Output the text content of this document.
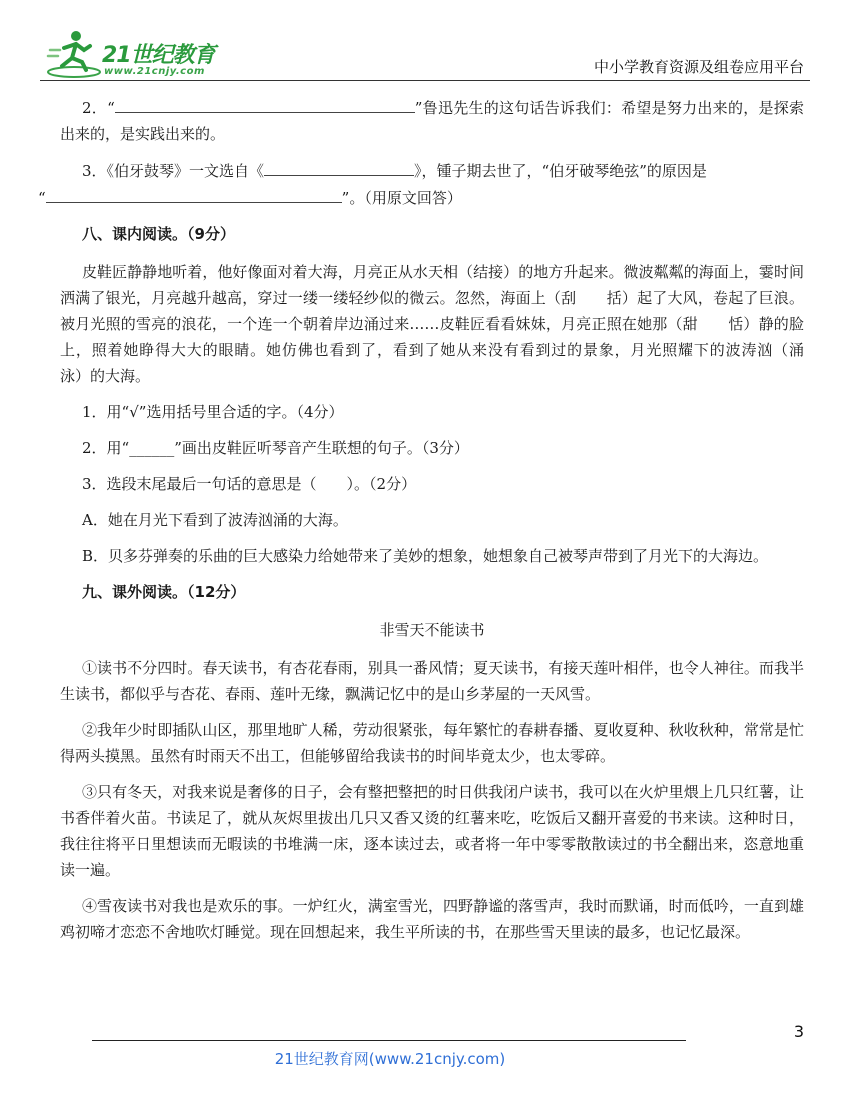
21世纪教育
www.21cnjy.com	中小学教育资源及组卷应用平台

2．“	”鲁迅先生的这句话告诉我们：希望是努力出来的，是探索出来的，是实践出来的。

3．《伯牙鼓琴》一文选自《	》，锺子期去世了，“伯牙破琴绝弦”的原因是
“	”。（用原文回答）

八、课内阅读。（9分）

皮鞋匠静静地听着，他好像面对着大海，月亮正从水天相（结接）的地方升起来。微波粼粼的海面上，霎时间洒满了银光，月亮越升越高，穿过一缕一缕轻纱似的微云。忽然，海面上（刮　　括）起了大风，卷起了巨浪。被月光照的雪亮的浪花，一个连一个朝着岸边涌过来……皮鞋匠看看妹妹，月亮正照在她那（甜　　恬）静的脸上，照着她睁得大大的眼睛。她仿佛也看到了，看到了她从来没有看到过的景象，月光照耀下的波涛汹（涌　　泳）的大海。

1．用“√”选用括号里合适的字。（4分）

2．用“______”画出皮鞋匠听琴音产生联想的句子。（3分）

3．选段末尾最后一句话的意思是（　　）。（2分）

A．她在月光下看到了波涛汹涌的大海。

B．贝多芬弹奏的乐曲的巨大感染力给她带来了美妙的想象，她想象自己被琴声带到了月光下的大海边。

九、课外阅读。（12分）
非雪天不能读书

①读书不分四时。春天读书，有杏花春雨，别具一番风情；夏天读书，有接天莲叶相伴，也令人神往。而我半生读书，都似乎与杏花、春雨、莲叶无缘，飘满记忆中的是山乡茅屋的一天风雪。

②我年少时即插队山区，那里地旷人稀，劳动很紧张，每年繁忙的春耕春播、夏收夏种、秋收秋种，常常是忙得两头摸黑。虽然有时雨天不出工，但能够留给我读书的时间毕竟太少，也太零碎。

③只有冬天，对我来说是奢侈的日子，会有整把整把的时日供我闭户读书，我可以在火炉里煨上几只红薯，让书香伴着火苗。书读足了，就从灰烬里拔出几只又香又烫的红薯来吃，吃饭后又翻开喜爱的书来读。这种时日，我往往将平日里想读而无暇读的书堆满一床，逐本读过去，或者将一年中零零散散读过的书全翻出来，恣意地重读一遍。

④雪夜读书对我也是欢乐的事。一炉红火，满室雪光，四野静谧的落雪声，我时而默诵，时而低吟，一直到雄鸡初啼才恋恋不舍地吹灯睡觉。现在回想起来，我生平所读的书，在那些雪天里读的最多，也记忆最深。

3
21世纪教育网(www.21cnjy.com)
